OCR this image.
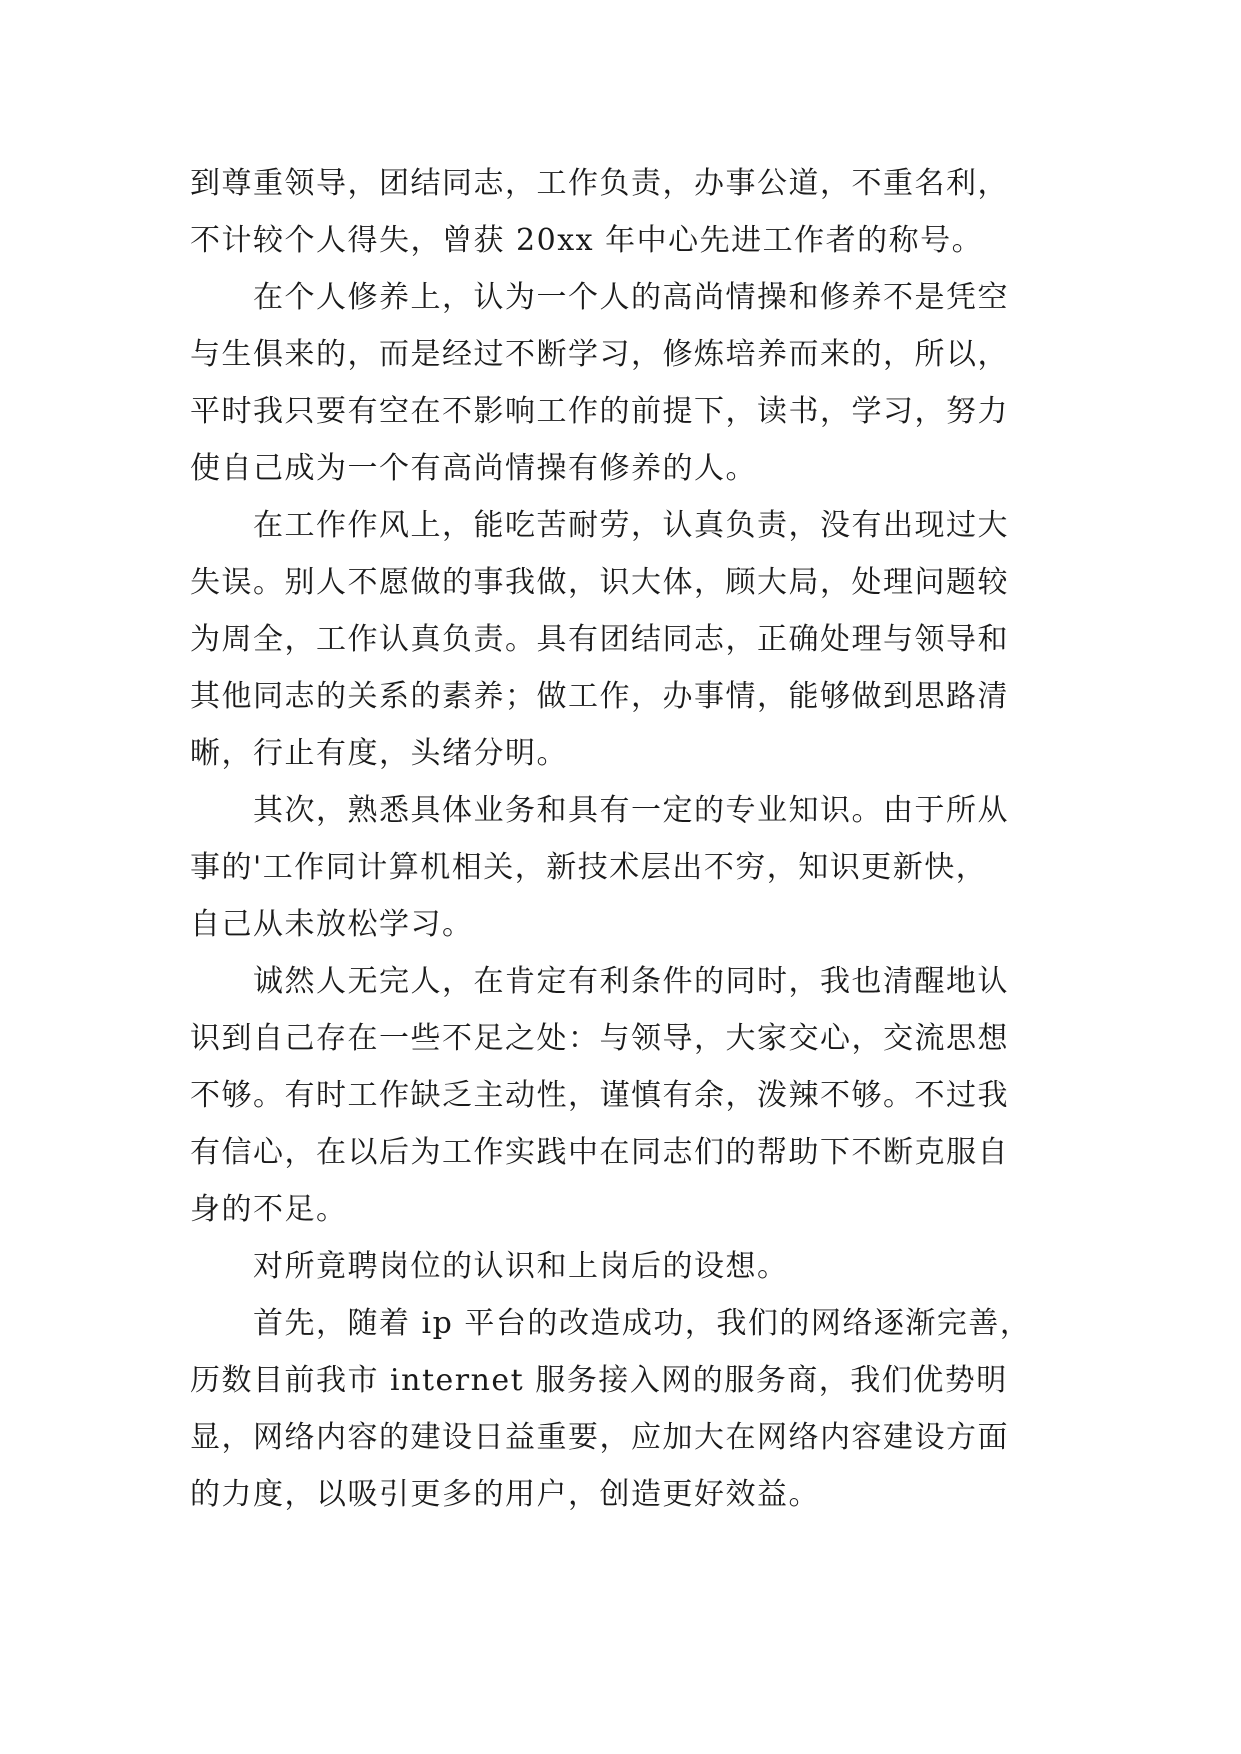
到尊重领导，团结同志，工作负责，办事公道，不重名利，
不计较个人得失，曾获 20xx 年中心先进工作者的称号。
　　在个人修养上，认为一个人的高尚情操和修养不是凭空
与生俱来的，而是经过不断学习，修炼培养而来的，所以，
平时我只要有空在不影响工作的前提下，读书，学习，努力
使自己成为一个有高尚情操有修养的人。
　　在工作作风上，能吃苦耐劳，认真负责，没有出现过大
失误。别人不愿做的事我做，识大体，顾大局，处理问题较
为周全，工作认真负责。具有团结同志，正确处理与领导和
其他同志的关系的素养；做工作，办事情，能够做到思路清
晰，行止有度，头绪分明。
　　其次，熟悉具体业务和具有一定的专业知识。由于所从
事的'工作同计算机相关，新技术层出不穷，知识更新快，
自己从未放松学习。
　　诚然人无完人，在肯定有利条件的同时，我也清醒地认
识到自己存在一些不足之处：与领导，大家交心，交流思想
不够。有时工作缺乏主动性，谨慎有余，泼辣不够。不过我
有信心，在以后为工作实践中在同志们的帮助下不断克服自
身的不足。
　　对所竟聘岗位的认识和上岗后的设想。
　　首先，随着 ip 平台的改造成功，我们的网络逐渐完善，
历数目前我市 internet 服务接入网的服务商，我们优势明
显，网络内容的建设日益重要，应加大在网络内容建设方面
的力度，以吸引更多的用户，创造更好效益。
